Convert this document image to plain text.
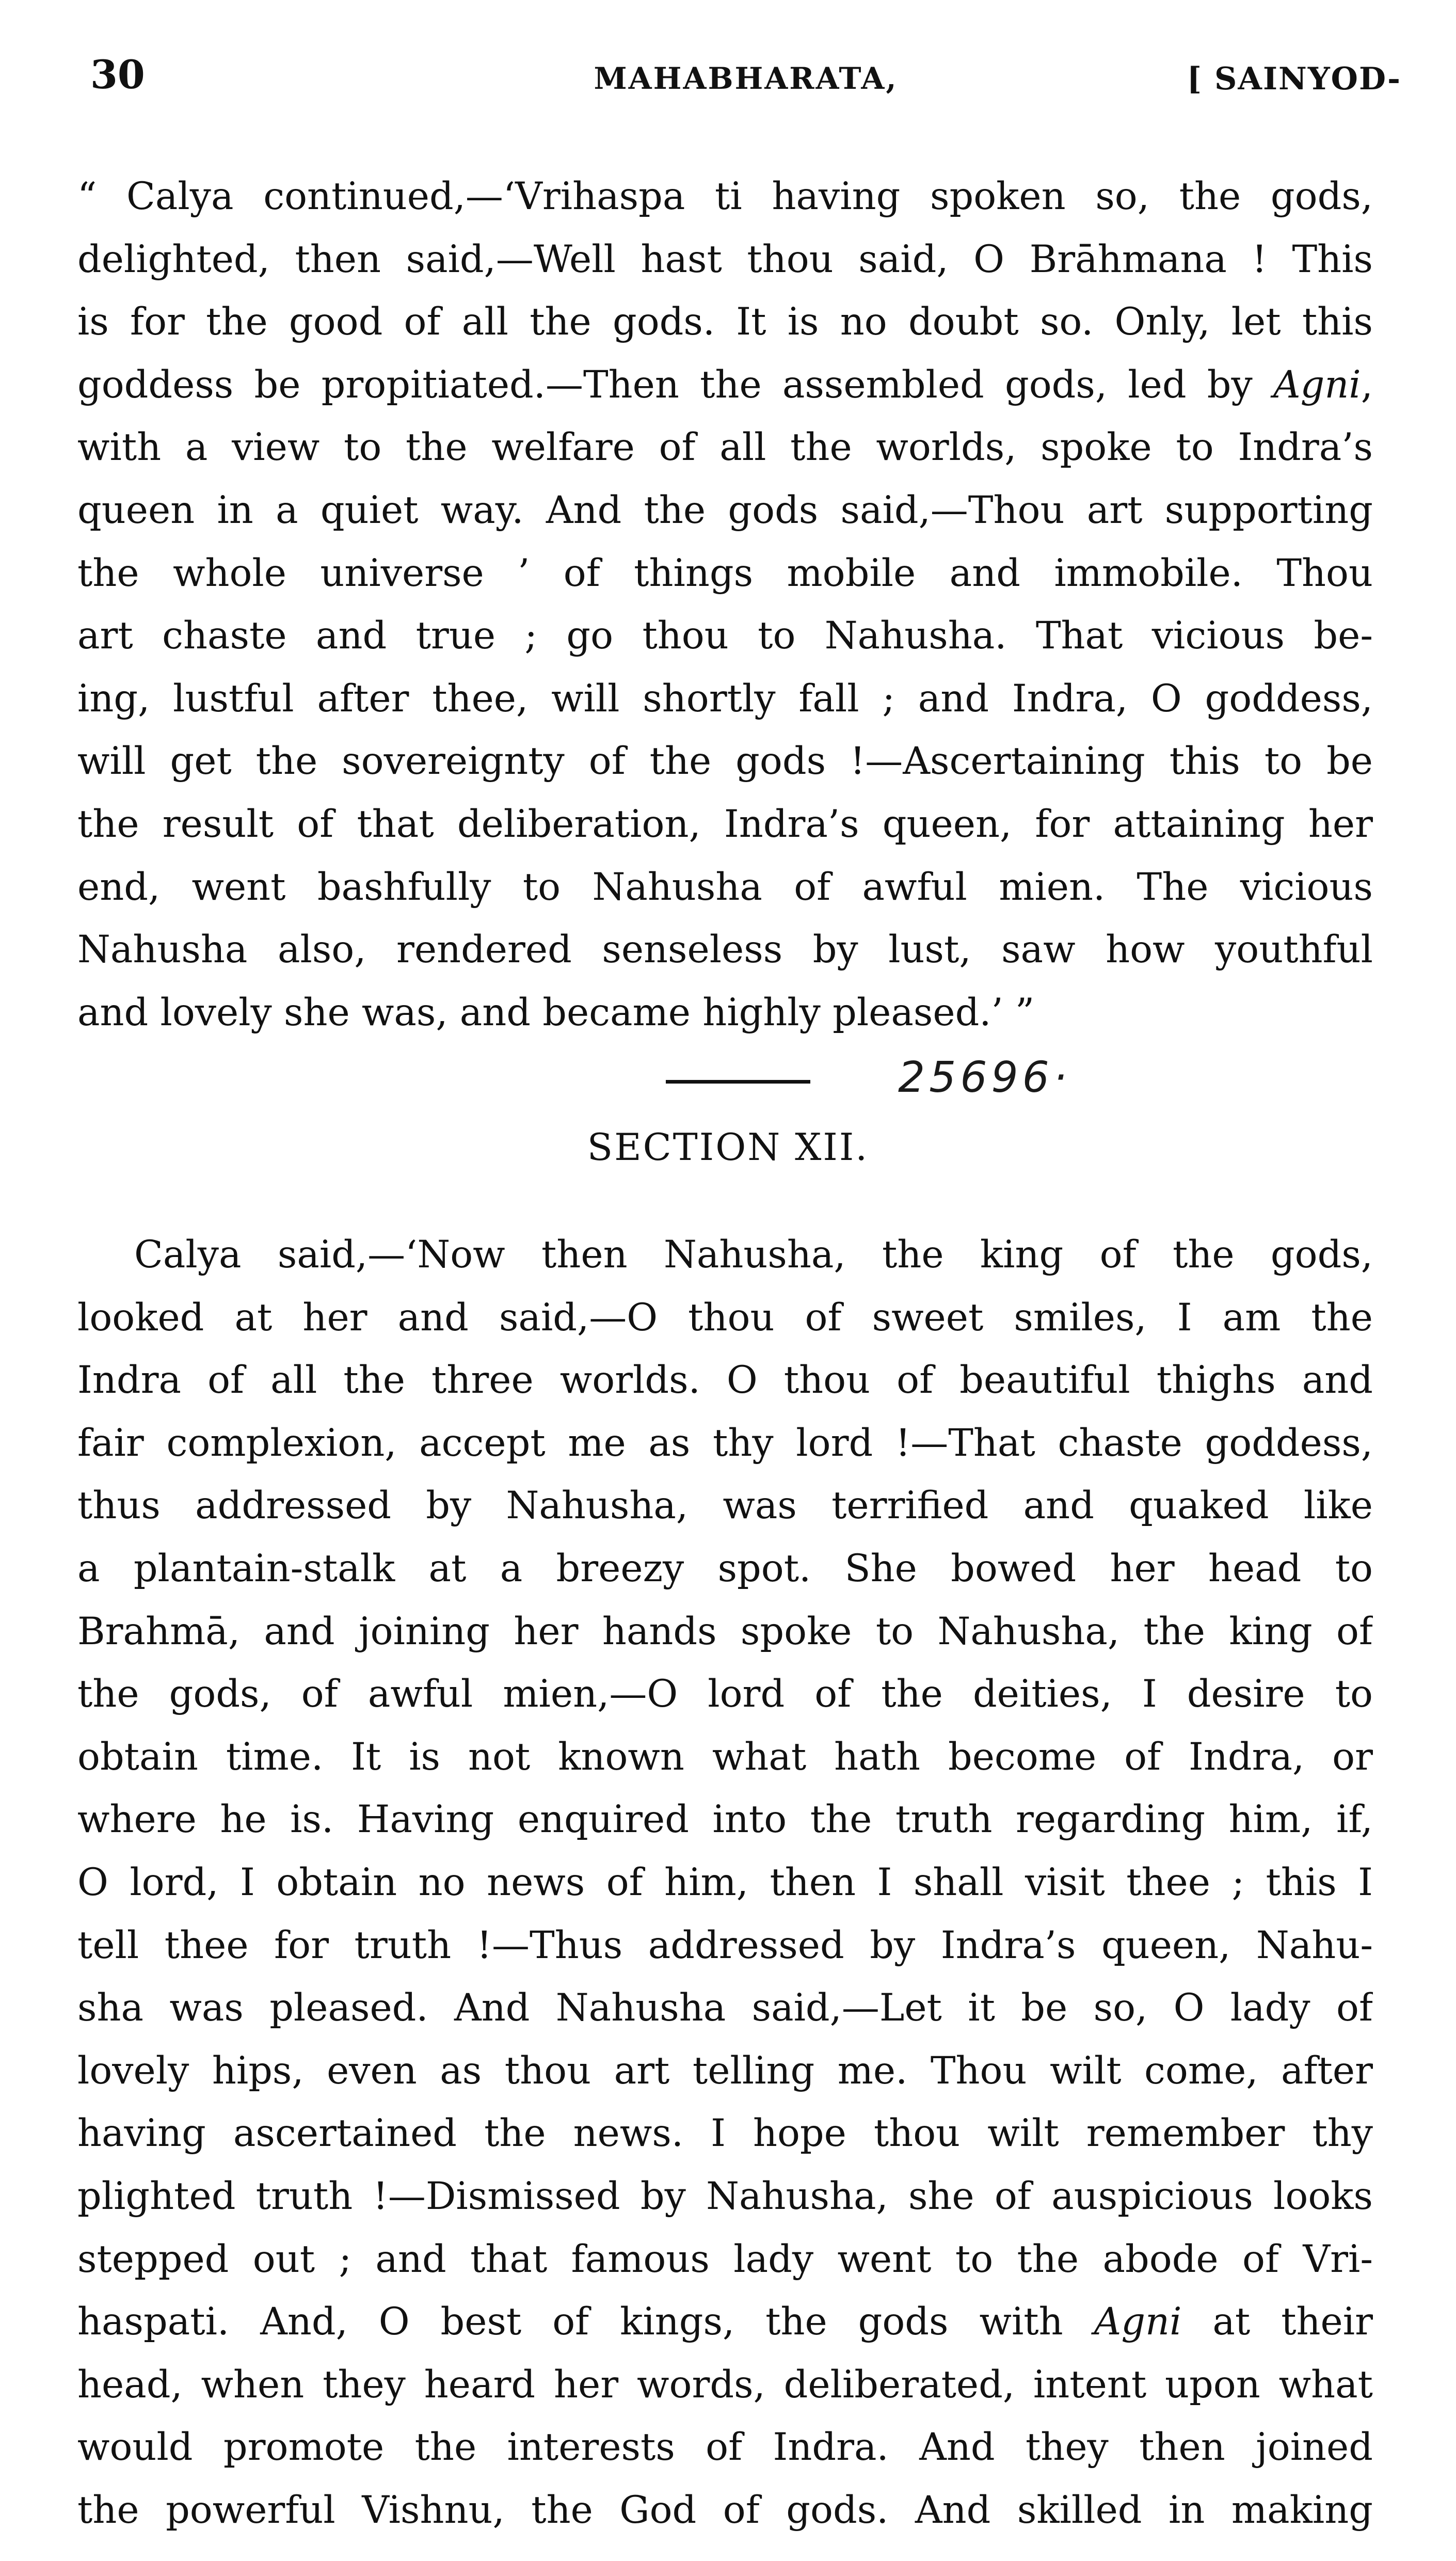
30	MAHABHARATA,	[ SAINYOD-
“ Calya continued,—‘Vrihaspa ti having spoken so, the gods,
delighted, then said,—Well hast thou said, O Brāhmana ! This
is for the good of all the gods. It is no doubt so. Only, let this
goddess be propitiated.—Then the assembled gods, led by Agni,
with a view to the welfare of all the worlds, spoke to Indra’s
queen in a quiet way. And the gods said,—Thou art supporting
the whole universe ’ of things mobile and immobile. Thou
art chaste and true ; go thou to Nahusha. That vicious be-
ing, lustful after thee, will shortly fall ; and Indra, O goddess,
will get the sovereignty of the gods !—Ascertaining this to be
the result of that deliberation, Indra’s queen, for attaining her
end, went bashfully to Nahusha of awful mien. The vicious
Nahusha also, rendered senseless by lust, saw how youthful
and lovely she was, and became highly pleased.’ ”
25696·
SECTION XII.
Calya said,—‘Now then Nahusha, the king of the gods,
looked at her and said,—O thou of sweet smiles, I am the
Indra of all the three worlds. O thou of beautiful thighs and
fair complexion, accept me as thy lord !—That chaste goddess,
thus addressed by Nahusha, was terrified and quaked like
a plantain-stalk at a breezy spot. She bowed her head to
Brahmā, and joining her hands spoke to Nahusha, the king of
the gods, of awful mien,—O lord of the deities, I desire to
obtain time. It is not known what hath become of Indra, or
where he is. Having enquired into the truth regarding him, if,
O lord, I obtain no news of him, then I shall visit thee ; this I
tell thee for truth !—Thus addressed by Indra’s queen, Nahu-
sha was pleased. And Nahusha said,—Let it be so, O lady of
lovely hips, even as thou art telling me. Thou wilt come, after
having ascertained the news. I hope thou wilt remember thy
plighted truth !—Dismissed by Nahusha, she of auspicious looks
stepped out ; and that famous lady went to the abode of Vri-
haspati. And, O best of kings, the gods with Agni at their
head, when they heard her words, deliberated, intent upon what
would promote the interests of Indra. And they then joined
the powerful Vishnu, the God of gods. And skilled in making
